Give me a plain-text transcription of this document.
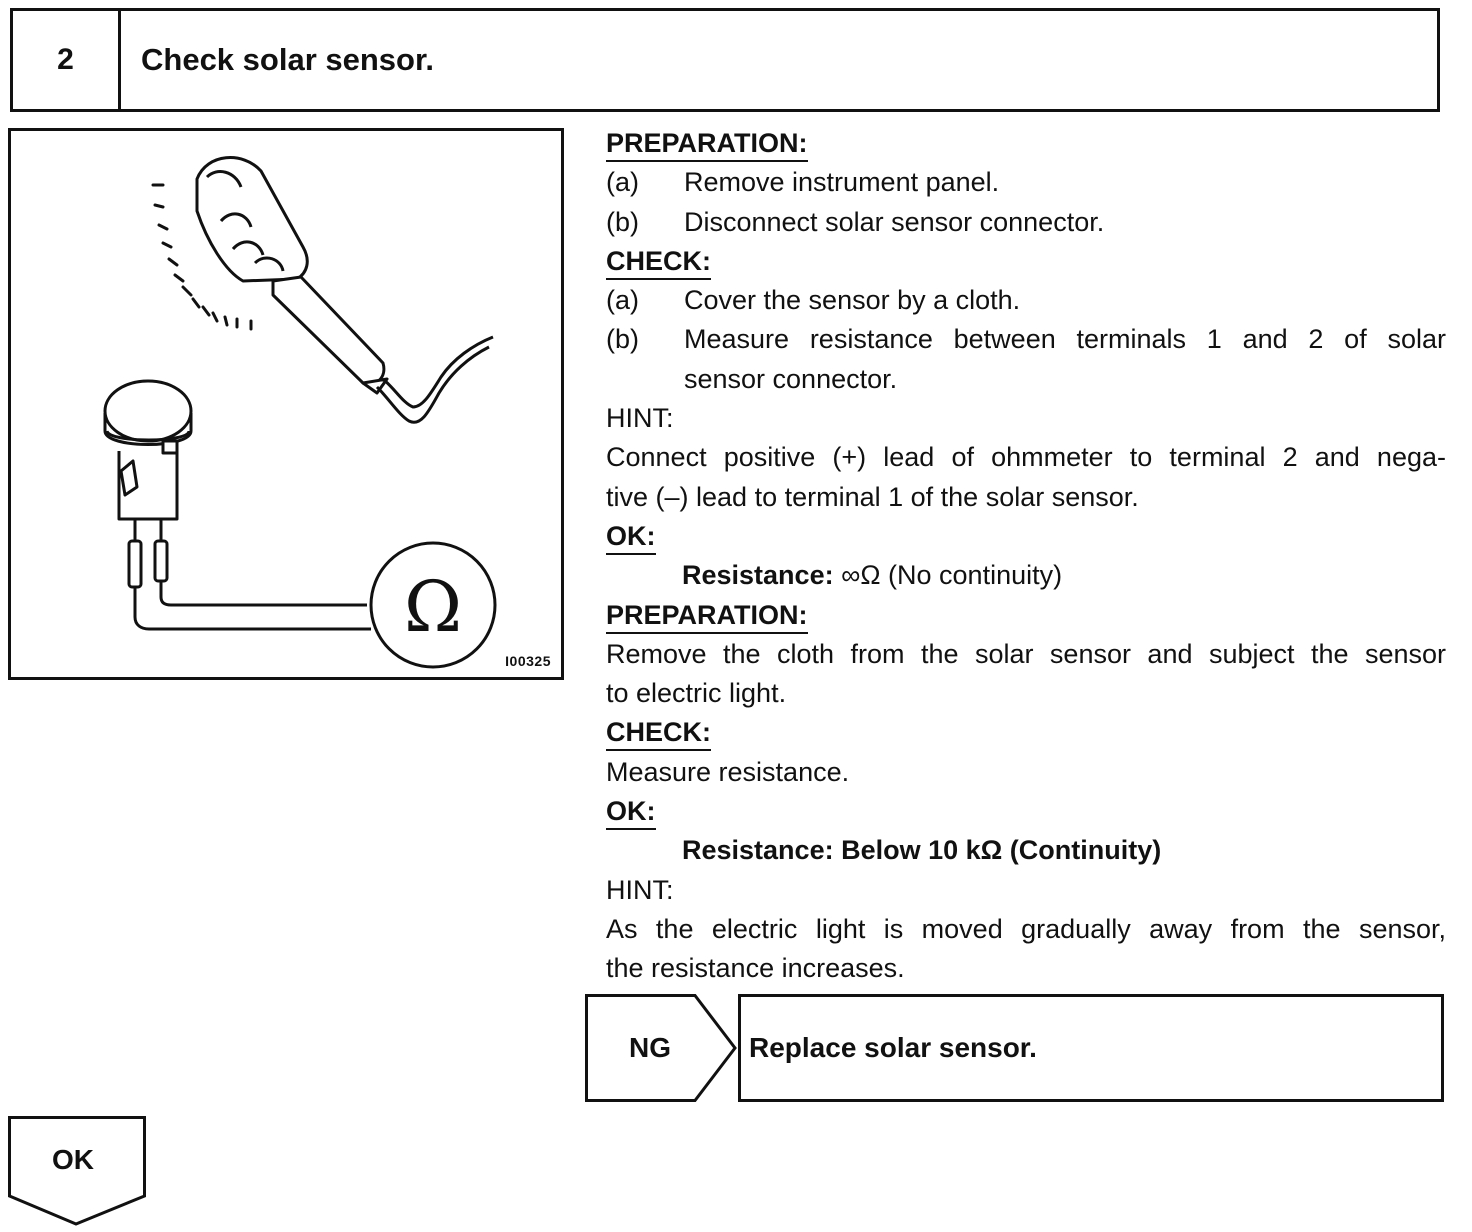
2	Check solar sensor.
Ω
I00325
PREPARATION:
(a)	Remove instrument panel.
(b)	Disconnect solar sensor connector.
CHECK:
(a)	Cover the sensor by a cloth.
(b)	Measure resistance between terminals 1 and 2 of solar
sensor connector.
HINT:
Connect positive (+) lead of ohmmeter to terminal 2 and nega-
tive (–) lead to terminal 1 of the solar sensor.
OK:
Resistance: ∞Ω (No continuity)
PREPARATION:
Remove the cloth from the solar sensor and subject the sensor
to electric light.
CHECK:
Measure resistance.
OK:
Resistance: Below 10 kΩ (Continuity)
HINT:
As the electric light is moved gradually away from the sensor,
the resistance increases.
NG	Replace solar sensor.
OK
